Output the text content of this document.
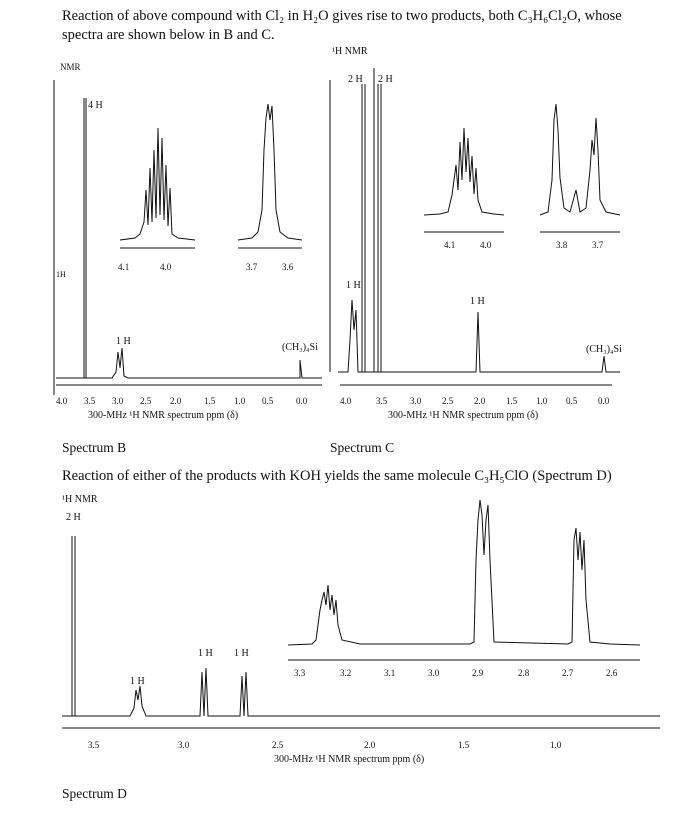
Reaction of above compound with Cl₂ in H₂O gives rise to two products, both C₃H₆Cl₂O, whose
spectra are shown below in B and C.
NMR
4 H
1 H
1H
(CH₃)₄Si
4.1	4.0	3.7	3.6
4.0 3.5 3.0 2.5 2.0	1.5 1.0 0.5	0.0
300-MHz ¹H NMR spectrum ppm (δ)
Spectrum B
¹H NMR
2 H 2 H
1 H
1 H
(CH₃)₄Si
4.1	4.0	3.8	3.7
4.0	3.5	3.0 2.5 2.0 1.5 1.0 0.5 0.0
300-MHz ¹H NMR spectrum ppm (δ)
Spectrum C
Reaction of either of the products with KOH yields the same molecule C₃H₅ClO (Spectrum D)
¹H NMR
2 H
1 H
1 H 1 H
3.3	3.2	3.1	3.0	2.9	2.8	2.7	2.6
3.5	3.0	2.5	2.0	1.5	1.0
300-MHz ¹H NMR spectrum ppm (δ)
Spectrum D
